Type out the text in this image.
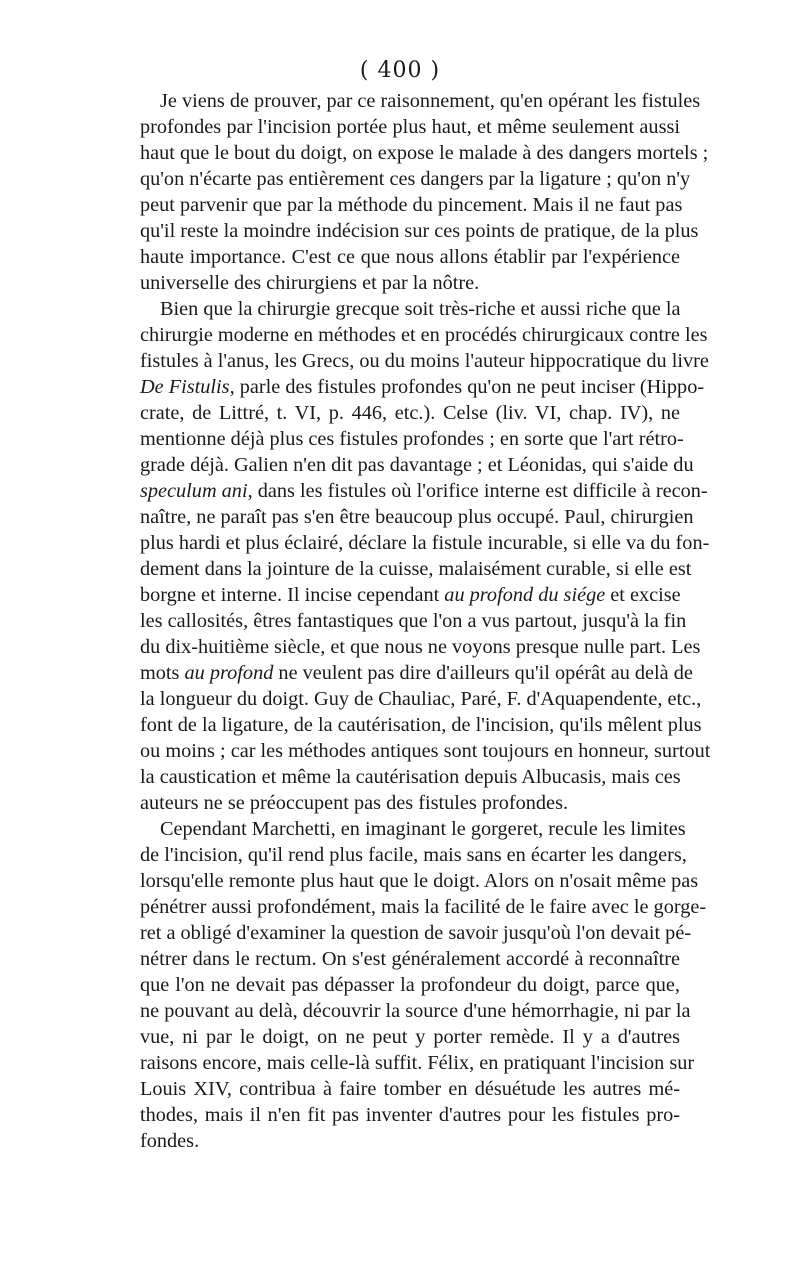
( 400 )
Je viens de prouver, par ce raisonnement, qu'en opérant les fistules
profondes par l'incision portée plus haut, et même seulement aussi
haut que le bout du doigt, on expose le malade à des dangers mortels ;
qu'on n'écarte pas entièrement ces dangers par la ligature ; qu'on n'y
peut parvenir que par la méthode du pincement. Mais il ne faut pas
qu'il reste la moindre indécision sur ces points de pratique, de la plus
haute importance. C'est ce que nous allons établir par l'expérience
universelle des chirurgiens et par la nôtre.
Bien que la chirurgie grecque soit très-riche et aussi riche que la
chirurgie moderne en méthodes et en procédés chirurgicaux contre les
fistules à l'anus, les Grecs, ou du moins l'auteur hippocratique du livre
De Fistulis, parle des fistules profondes qu'on ne peut inciser (Hippo-
crate, de Littré, t. VI, p. 446, etc.). Celse (liv. VI, chap. IV), ne
mentionne déjà plus ces fistules profondes ; en sorte que l'art rétro-
grade déjà. Galien n'en dit pas davantage ; et Léonidas, qui s'aide du
speculum ani, dans les fistules où l'orifice interne est difficile à recon-
naître, ne paraît pas s'en être beaucoup plus occupé. Paul, chirurgien
plus hardi et plus éclairé, déclare la fistule incurable, si elle va du fon-
dement dans la jointure de la cuisse, malaisément curable, si elle est
borgne et interne. Il incise cependant au profond du siége et excise
les callosités, êtres fantastiques que l'on a vus partout, jusqu'à la fin
du dix-huitième siècle, et que nous ne voyons presque nulle part. Les
mots au profond ne veulent pas dire d'ailleurs qu'il opérât au delà de
la longueur du doigt. Guy de Chauliac, Paré, F. d'Aquapendente, etc.,
font de la ligature, de la cautérisation, de l'incision, qu'ils mêlent plus
ou moins ; car les méthodes antiques sont toujours en honneur, surtout
la caustication et même la cautérisation depuis Albucasis, mais ces
auteurs ne se préoccupent pas des fistules profondes.
Cependant Marchetti, en imaginant le gorgeret, recule les limites
de l'incision, qu'il rend plus facile, mais sans en écarter les dangers,
lorsqu'elle remonte plus haut que le doigt. Alors on n'osait même pas
pénétrer aussi profondément, mais la facilité de le faire avec le gorge-
ret a obligé d'examiner la question de savoir jusqu'où l'on devait pé-
nétrer dans le rectum. On s'est généralement accordé à reconnaître
que l'on ne devait pas dépasser la profondeur du doigt, parce que,
ne pouvant au delà, découvrir la source d'une hémorrhagie, ni par la
vue, ni par le doigt, on ne peut y porter remède. Il y a d'autres
raisons encore, mais celle-là suffit. Félix, en pratiquant l'incision sur
Louis XIV, contribua à faire tomber en désuétude les autres mé-
thodes, mais il n'en fit pas inventer d'autres pour les fistules pro-
fondes.
